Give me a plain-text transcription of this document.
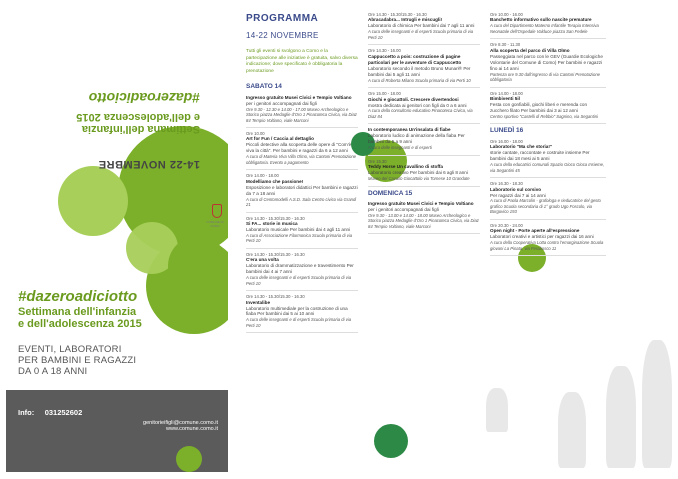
14-22 NOVEMBRE
Settimana dell'infanzia
e dell'adolescenza 2015
#dazeroadiciotto
COMUNE DI COMO
#dazeroadiciotto
Settimana dell'infanzia
e dell'adolescenza 2015
EVENTI, LABORATORI
PER BAMBINI E RAGAZZI
DA 0 A 18 ANNI
Info: 031252602
genitorieifigli@comune.como.it
www.comune.como.it
PROGRAMMA
14-22 NOVEMBRE
Tutti gli eventi si svolgono a Como e la partecipazione alle iniziative è gratuita, salvo diversa indicazione; dove specificato è obbligatoria la prenotazione
SABATO 14
Ingresso gratuito Musei Civici e Tempio Voltiano
per i genitori accompagnati dai figli
Ore 9.30 - 12.30 e 14.00 - 17.00 Museo Archeologico e Storico piazza Medaglie d'Oro 1 Pinacoteca Civica, via Diaz 84 Tempio Voltiano, viale Marconi
Ore 10.00
Art for Fun / Caccia al dettaglio
Piccoli detective alla scoperta delle opere di "Com'è viva la città". Per bambini e ragazzi da 6 a 12 anni
A cura di Materia Viva Villa Olmo, via Cantoni Prenotazione obbligatoria. Evento a pagamento
Ore 14.00 - 18.00
Modelliamo che passione!
Esposizione e laboratori didattici Per bambini e ragazzi da 7 a 18 anni
A cura di Centomodelli A.S.D. Sala Centro civico via Grandi 21
Ore 14.30 - 15.30/15.30 - 16.30
Si FA... storie in musica
Laboratorio musicale Per bambini dai 4 agli 11 anni
A cura di Associazione Filarmonica Scuola primaria di via Perti 10
Ore 14.30 - 15.30/15.30 - 16.30
C'era una volta
Laboratorio di drammatizzazione e travestimento Per bambini dai 4 ai 7 anni
A cura delle insegnanti e di esperti Scuola primaria di via Perti 10
Ore 14.30 - 15.30/15.30 - 16.30
Inventalibe
Laboratorio multimediale per la costruzione di una fiaba Per bambini dai 5 ai 10 anni
A cura delle insegnanti e di esperti Scuola primaria di via Perti 10
Ore 14.30 - 15.30/15.30 - 16.30
Abracadabra... Intrugli e miscugli!
Laboratorio di chimica Per bambini dai 7 agli 11 anni
A cura delle insegnanti e di esperti Scuola primaria di via Perti 10
Ore 14.30 - 16.00
Cappuccetto a pois: costruzione di pagine particolari per le avventure di Cappuccetto
Laboratorio secondo il metodo Bruno Munari® Per bambini dai 5 agli 11 anni
A cura di Roberta Milano Scuola primaria di via Perti 10
Ore 15.00 - 18.00
Giochi e giocattoli. Crescere divertendosi
mostra dedicata ai genitori con figli da 0 a 6 anni
A cura della consultorio educativo Pinacoteca Civica, via Diaz 84
In contemporanea Un'insalata di fiabe
Laboratorio ludico di animazione della fiaba Per bambini da 5 a 9 anni
A cura delle insegnanti e di esperti
Ore 15.30
Teddy Horse Un cavallino di stoffa
Laboratorio creativo Per bambini dai 6 agli 8 anni
Museo del Cavallo Giocattolo via Tornese 10 Grandate
DOMENICA 15
Ingresso gratuito Musei Civici e Tempio Voltiano
per i genitori accompagnati dai figli
Ore 9.30 - 13.00 e 14.00 - 18.00 Museo Archeologico e Storico piazza Medaglie d'Oro 1 Pinacoteca Civica, via Diaz 84 Tempio Voltiano, viale Marconi
Ore 10.00 - 16.00
Banchetto informativo sullo nascite premature
A cura del Dipartimento Materno Infantile Terapia Intensiva Neonatale dell'Ospedale Valduce piazza San Fedele
Ore 8.30 - 11.30
Alla scoperta del parco di Villa Olmo
Passeggiata nel parco con le GEV (Guardie Ecologiche Volontarie del Comune di Como) Per bambini e ragazzi fino ai 14 anni
Partenza ore 9.30 dall'ingresso di via Cantoni Prenotazione obbligatoria
Ore 14.00 - 18.00
Bimbiventi 5il
Festa con gonfiabili, giochi liberi e merenda con zucchero filato Per bambini dai 3 ai 12 anni
Centro sportivo "Castelli di Rebbio" Sagnino, via Segantini
LUNEDÌ 16
Ore 16.00 - 18.00
Laboratorio "Ma che storia!"
storie cantate, raccontate e costruite insieme Per bambini dai 18 mesi ai 5 anni
A cura della educatrici comunali Spazio Gioco Gioca Insieme, via Segantini 45
Ore 16.30 - 18.30
Laboratorio sul corsivo
Per ragazzi dai 7 ai 14 anni
A cura di Paola Marcolin - grafologa e rieducatrice del gesto grafico Scuola secondaria di 1° grado Ugo Foscolo, via Borgovico 193
Ore 20.30 - 24.00
Open night - Porte aperte all'espressione
Laboratori creativi e artistici per ragazzi dai 16 anni
A cura della Cooperativa Lotta contro l'emarginazione Scuola giovani La Pinata, via Ferabosco 11
